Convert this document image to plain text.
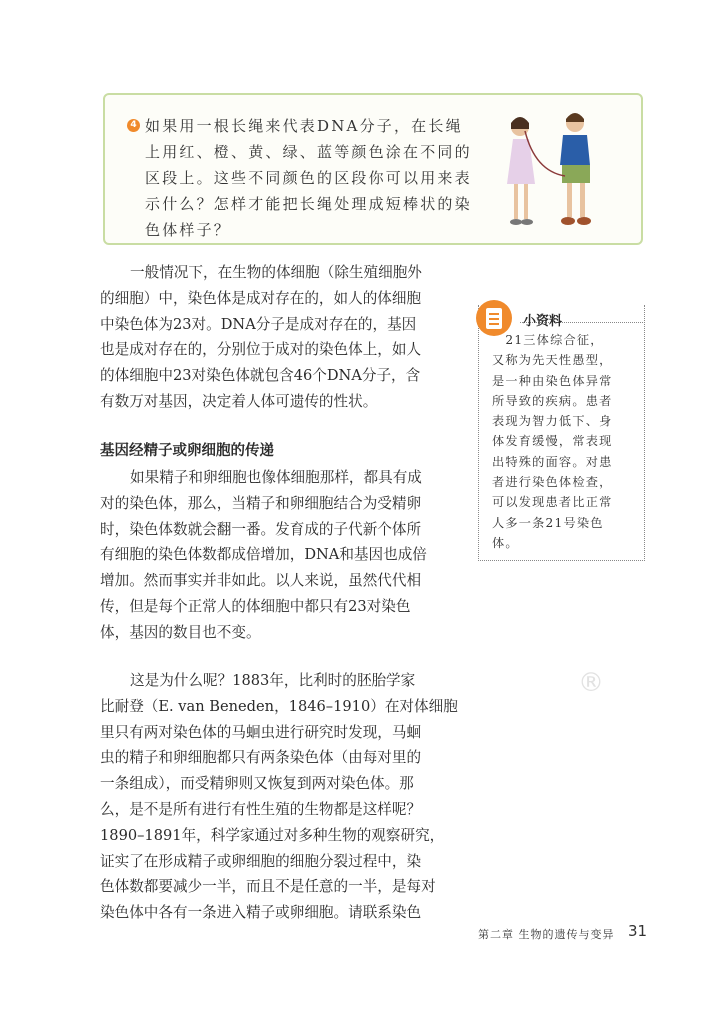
4 如果用一根长绳来代表DNA分子，在长绳
上用红、橙、黄、绿、蓝等颜色涂在不同的
区段上。这些不同颜色的区段你可以用来表
示什么？怎样才能把长绳处理成短棒状的染
色体样子？
一般情况下，在生物的体细胞（除生殖细胞外
的细胞）中，染色体是成对存在的，如人的体细胞
中染色体为23对。DNA分子是成对存在的，基因
也是成对存在的，分别位于成对的染色体上，如人
的体细胞中23对染色体就包含46个DNA分子，含
有数万对基因，决定着人体可遗传的性状。
基因经精子或卵细胞的传递
如果精子和卵细胞也像体细胞那样，都具有成
对的染色体，那么，当精子和卵细胞结合为受精卵
时，染色体数就会翻一番。发育成的子代新个体所
有细胞的染色体数都成倍增加，DNA和基因也成倍
增加。然而事实并非如此。以人来说，虽然代代相
传，但是每个正常人的体细胞中都只有23对染色
体，基因的数目也不变。
这是为什么呢？1883年，比利时的胚胎学家
比耐登（E. van Beneden，1846–1910）在对体细胞
里只有两对染色体的马蛔虫进行研究时发现，马蛔
虫的精子和卵细胞都只有两条染色体（由每对里的
一条组成），而受精卵则又恢复到两对染色体。那
么，是不是所有进行有性生殖的生物都是这样呢？
1890–1891年，科学家通过对多种生物的观察研究，
证实了在形成精子或卵细胞的细胞分裂过程中，染
色体数都要减少一半，而且不是任意的一半，是每对
染色体中各有一条进入精子或卵细胞。请联系染色
小资料
　21三体综合征，
又称为先天性愚型，
是一种由染色体异常
所导致的疾病。患者
表现为智力低下、身
体发育缓慢，常表现
出特殊的面容。对患
者进行染色体检查，
可以发现患者比正常
人多一条21号染色
体。
®
第二章 生物的遗传与变异 31
